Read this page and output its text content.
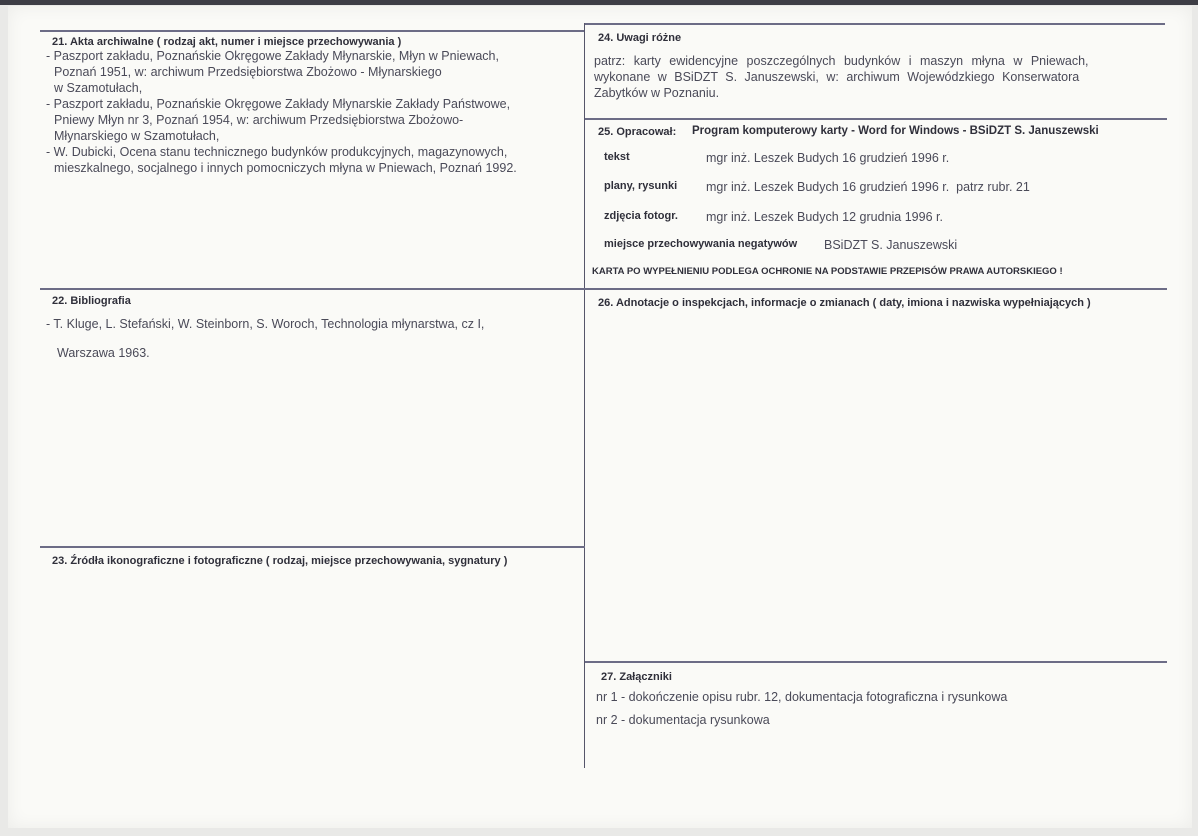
21. Akta archiwalne ( rodzaj akt, numer i miejsce przechowywania )
- Paszport zakładu, Poznańskie Okręgowe Zakłady Młynarskie, Młyn w Pniewach,
Poznań 1951, w: archiwum Przedsiębiorstwa Zbożowo - Młynarskiego
w Szamotułach,
- Paszport zakładu, Poznańskie Okręgowe Zakłady Młynarskie Zakłady Państwowe,
Pniewy Młyn nr 3, Poznań 1954, w: archiwum Przedsiębiorstwa Zbożowo-
Młynarskiego w Szamotułach,
- W. Dubicki, Ocena stanu technicznego budynków produkcyjnych, magazynowych,
mieszkalnego, socjalnego i innych pomocniczych młyna w Pniewach, Poznań 1992.
22. Bibliografia
- T. Kluge, L. Stefański, W. Steinborn, S. Woroch, Technologia młynarstwa, cz I,
Warszawa 1963.
23. Źródła ikonograficzne i fotograficzne ( rodzaj, miejsce przechowywania, sygnatury )
24. Uwagi różne
patrz: karty ewidencyjne poszczególnych budynków i maszyn młyna w Pniewach,
wykonane w BSiDZT S. Januszewski, w: archiwum Wojewódzkiego Konserwatora
Zabytków w Poznaniu.
25. Opracował: Program komputerowy karty - Word for Windows - BSiDZT S. Januszewski
tekst	mgr inż. Leszek Budych 16 grudzień 1996 r.
plany, rysunki mgr inż. Leszek Budych 16 grudzień 1996 r.  patrz rubr. 21
zdjęcia fotogr. mgr inż. Leszek Budych 12 grudnia 1996 r.
miejsce przechowywania negatywów BSiDZT S. Januszewski
KARTA PO WYPEŁNIENIU PODLEGA OCHRONIE NA PODSTAWIE PRZEPISÓW PRAWA AUTORSKIEGO !
26. Adnotacje o inspekcjach, informacje o zmianach ( daty, imiona i nazwiska wypełniających )
27. Załączniki
nr 1 - dokończenie opisu rubr. 12, dokumentacja fotograficzna i rysunkowa
nr 2 - dokumentacja rysunkowa
